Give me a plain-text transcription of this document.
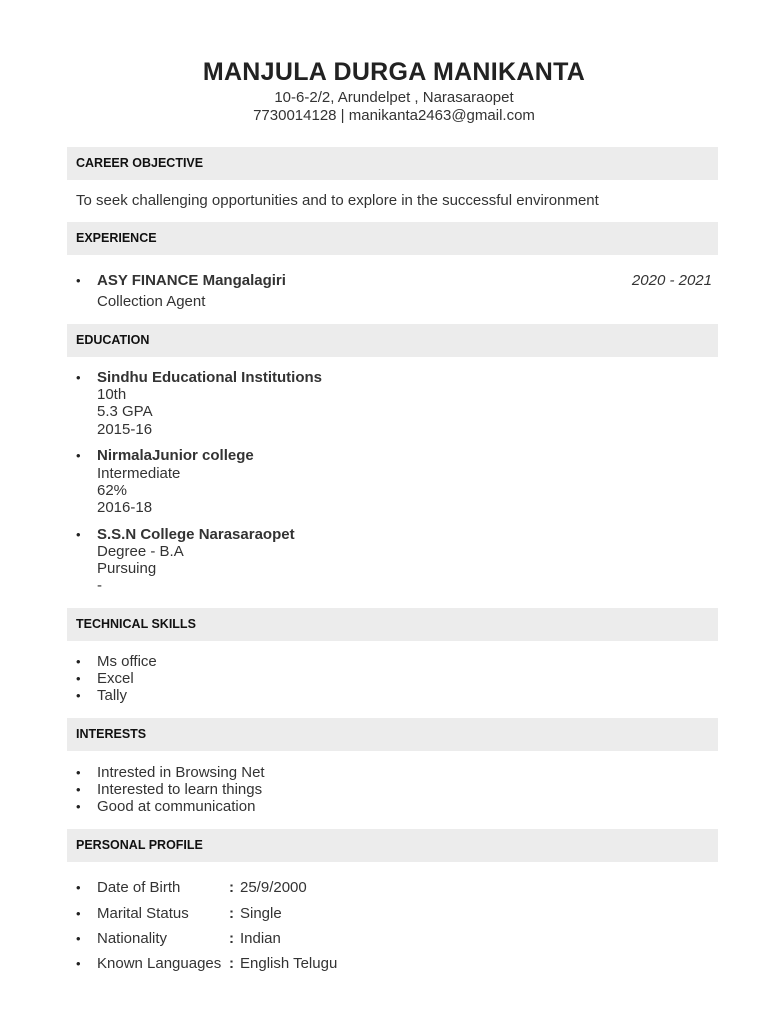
MANJULA DURGA MANIKANTA
10-6-2/2, Arundelpet , Narasaraopet
7730014128 | manikanta2463@gmail.com
CAREER OBJECTIVE
To seek challenging opportunities and to explore in the successful environment
EXPERIENCE
• ASY FINANCE Mangalagiri	2020 - 2021
Collection Agent
EDUCATION
• Sindhu Educational Institutions
10th
5.3 GPA
2015-16
• NirmalaJunior college
Intermediate
62%
2016-18
• S.S.N College Narasaraopet
Degree - B.A
Pursuing
-
TECHNICAL SKILLS
• Ms office
• Excel
• Tally
INTERESTS
• Intrested in Browsing Net
• Interested to learn things
• Good at communication
PERSONAL PROFILE
• Date of Birth	: 25/9/2000
• Marital Status	: Single
• Nationality	: Indian
• Known Languages : English Telugu
